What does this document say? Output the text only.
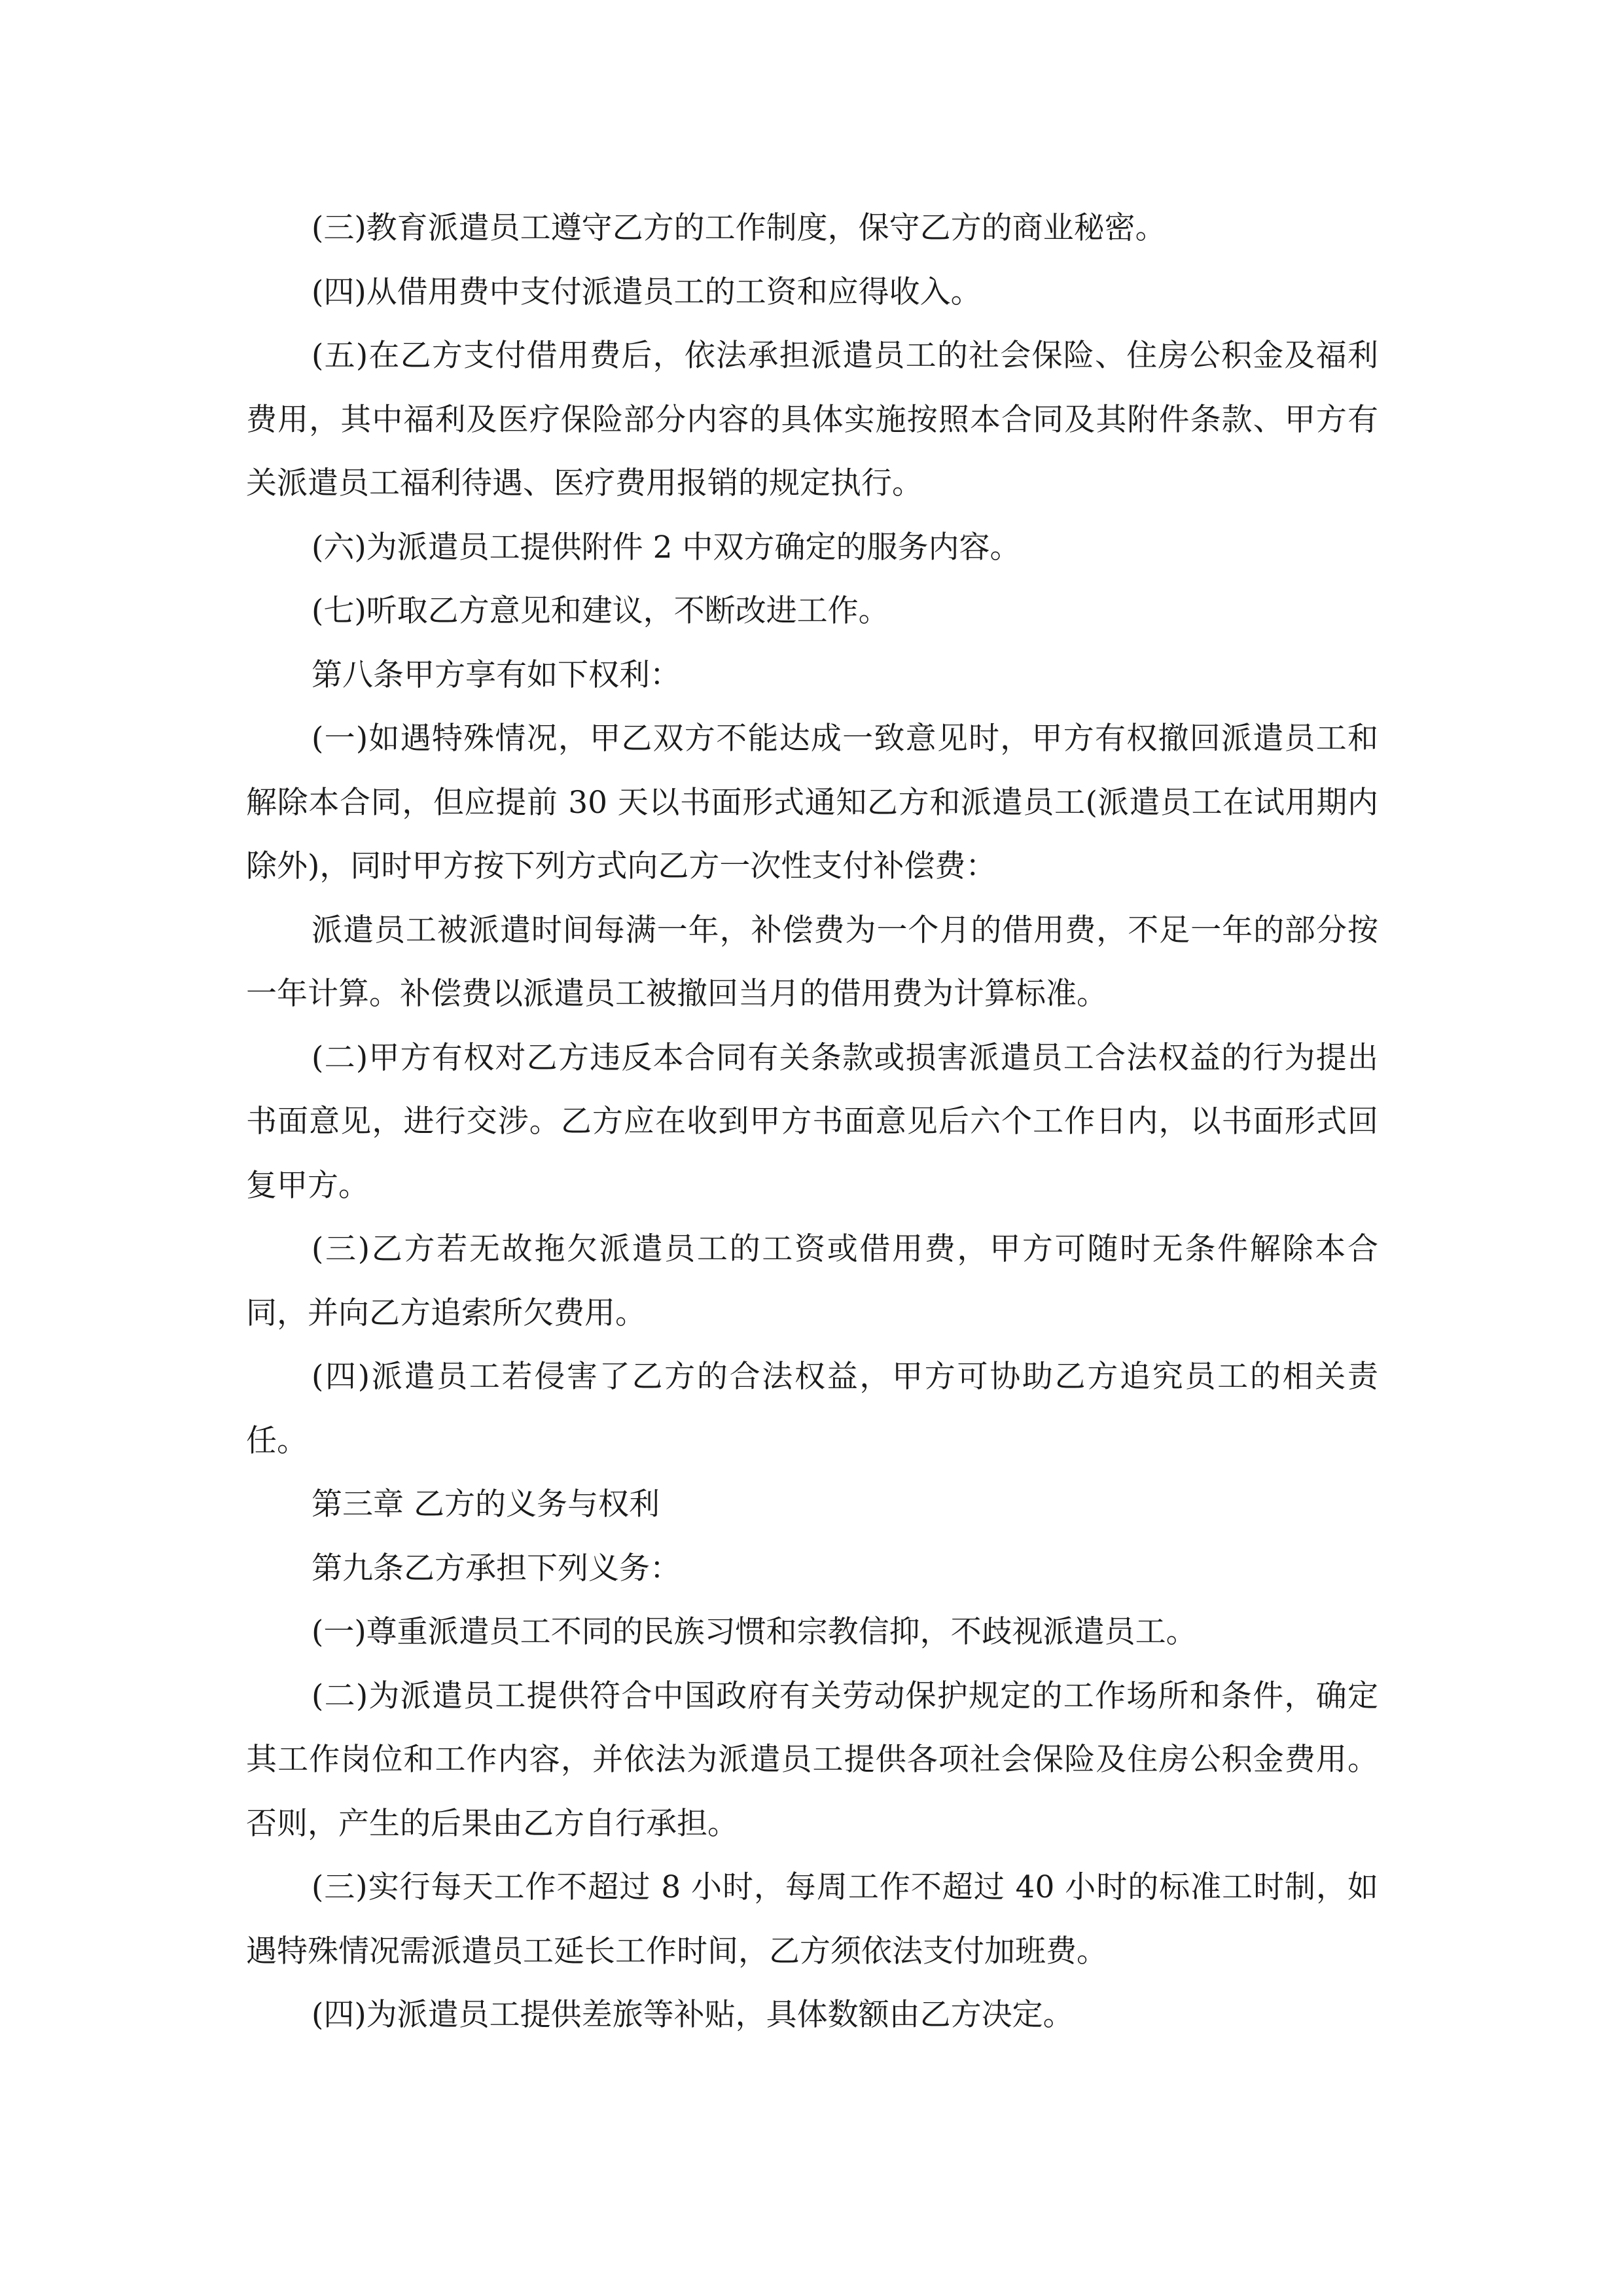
(三)教育派遣员工遵守乙方的工作制度，保守乙方的商业秘密。

(四)从借用费中支付派遣员工的工资和应得收入。

(五)在乙方支付借用费后，依法承担派遣员工的社会保险、住房公积金及福利费用，其中福利及医疗保险部分内容的具体实施按照本合同及其附件条款、甲方有关派遣员工福利待遇、医疗费用报销的规定执行。

(六)为派遣员工提供附件 2 中双方确定的服务内容。

(七)听取乙方意见和建议，不断改进工作。

第八条甲方享有如下权利：

(一)如遇特殊情况，甲乙双方不能达成一致意见时，甲方有权撤回派遣员工和解除本合同，但应提前 30 天以书面形式通知乙方和派遣员工(派遣员工在试用期内除外)，同时甲方按下列方式向乙方一次性支付补偿费：

派遣员工被派遣时间每满一年，补偿费为一个月的借用费，不足一年的部分按一年计算。补偿费以派遣员工被撤回当月的借用费为计算标准。

(二)甲方有权对乙方违反本合同有关条款或损害派遣员工合法权益的行为提出书面意见，进行交涉。乙方应在收到甲方书面意见后六个工作日内，以书面形式回复甲方。

(三)乙方若无故拖欠派遣员工的工资或借用费，甲方可随时无条件解除本合同，并向乙方追索所欠费用。

(四)派遣员工若侵害了乙方的合法权益，甲方可协助乙方追究员工的相关责任。

第三章 乙方的义务与权利

第九条乙方承担下列义务：

(一)尊重派遣员工不同的民族习惯和宗教信抑，不歧视派遣员工。

(二)为派遣员工提供符合中国政府有关劳动保护规定的工作场所和条件，确定其工作岗位和工作内容，并依法为派遣员工提供各项社会保险及住房公积金费用。否则，产生的后果由乙方自行承担。

(三)实行每天工作不超过 8 小时，每周工作不超过 40 小时的标准工时制，如遇特殊情况需派遣员工延长工作时间，乙方须依法支付加班费。

(四)为派遣员工提供差旅等补贴，具体数额由乙方决定。
